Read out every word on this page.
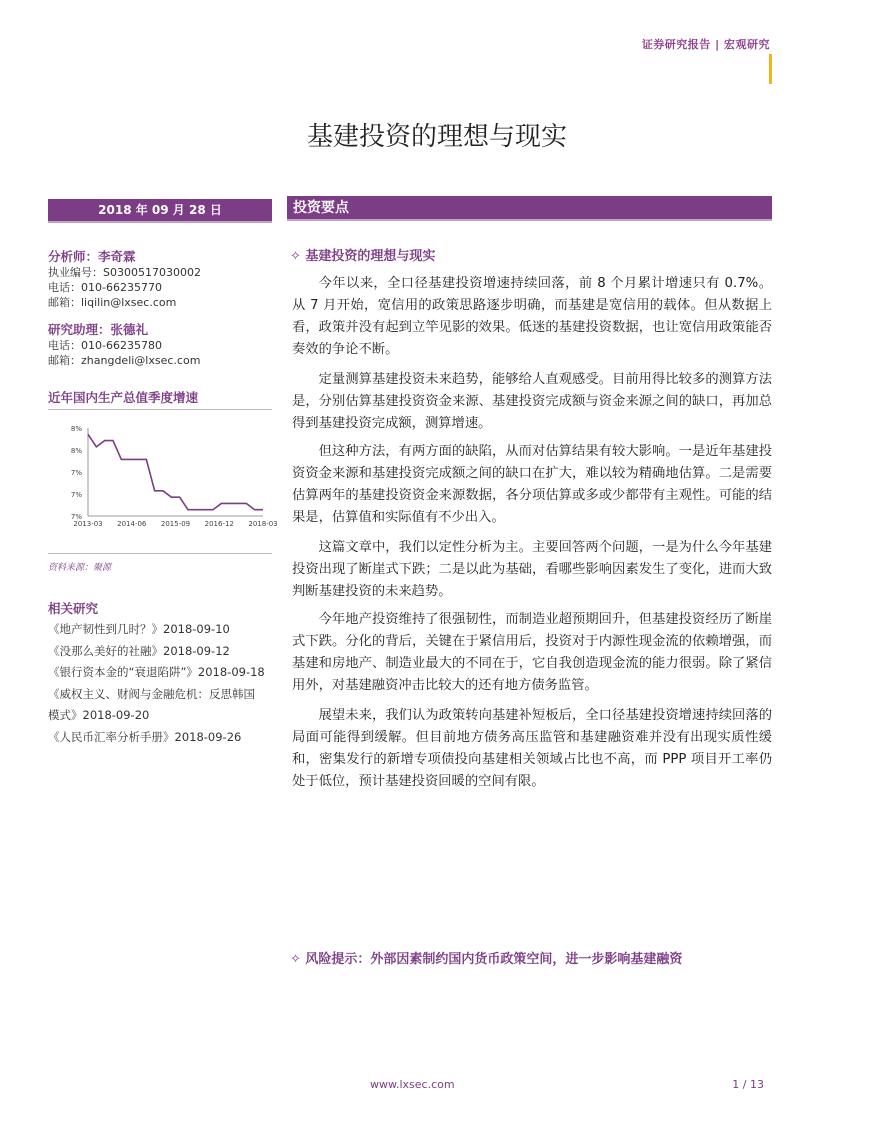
证券研究报告 | 宏观研究
基建投资的理想与现实
2018 年 09 月 28 日	投资要点
分析师：李奇霖
执业编号：S0300517030002
电话：010-66235770
邮箱：liqilin@lxsec.com
研究助理：张德礼
电话：010-66235780
邮箱：zhangdeli@lxsec.com
近年国内生产总值季度增速
8%
8%
7%
7%
7%
2013-03 2014-06 2015-09 2016-12 2018-03
资料来源：聚源
相关研究
《地产韧性到几时？》2018-09-10
《没那么美好的社融》2018-09-12
《银行资本金的“衰退陷阱”》2018-09-18
《威权主义、财阀与金融危机：反思韩国
模式》2018-09-20
《人民币汇率分析手册》2018-09-26
✧ 基建投资的理想与现实

今年以来，全口径基建投资增速持续回落，前 8 个月累计增速只有 0.7%。从 7 月开始，宽信用的政策思路逐步明确，而基建是宽信用的载体。但从数据上看，政策并没有起到立竿见影的效果。低迷的基建投资数据，也让宽信用政策能否奏效的争论不断。

定量测算基建投资未来趋势，能够给人直观感受。目前用得比较多的测算方法是，分别估算基建投资资金来源、基建投资完成额与资金来源之间的缺口，再加总得到基建投资完成额，测算增速。

但这种方法，有两方面的缺陷，从而对估算结果有较大影响。一是近年基建投资资金来源和基建投资完成额之间的缺口在扩大，难以较为精确地估算。二是需要估算两年的基建投资资金来源数据，各分项估算或多或少都带有主观性。可能的结果是，估算值和实际值有不少出入。

这篇文章中，我们以定性分析为主。主要回答两个问题，一是为什么今年基建投资出现了断崖式下跌；二是以此为基础，看哪些影响因素发生了变化，进而大致判断基建投资的未来趋势。

今年地产投资维持了很强韧性，而制造业超预期回升，但基建投资经历了断崖式下跌。分化的背后，关键在于紧信用后，投资对于内源性现金流的依赖增强，而基建和房地产、制造业最大的不同在于，它自我创造现金流的能力很弱。除了紧信用外，对基建融资冲击比较大的还有地方债务监管。

展望未来，我们认为政策转向基建补短板后，全口径基建投资增速持续回落的局面可能得到缓解。但目前地方债务高压监管和基建融资难并没有出现实质性缓和，密集发行的新增专项债投向基建相关领域占比也不高，而 PPP 项目开工率仍处于低位，预计基建投资回暖的空间有限。

✧ 风险提示：外部因素制约国内货币政策空间，进一步影响基建融资
www.lxsec.com	1 / 13
